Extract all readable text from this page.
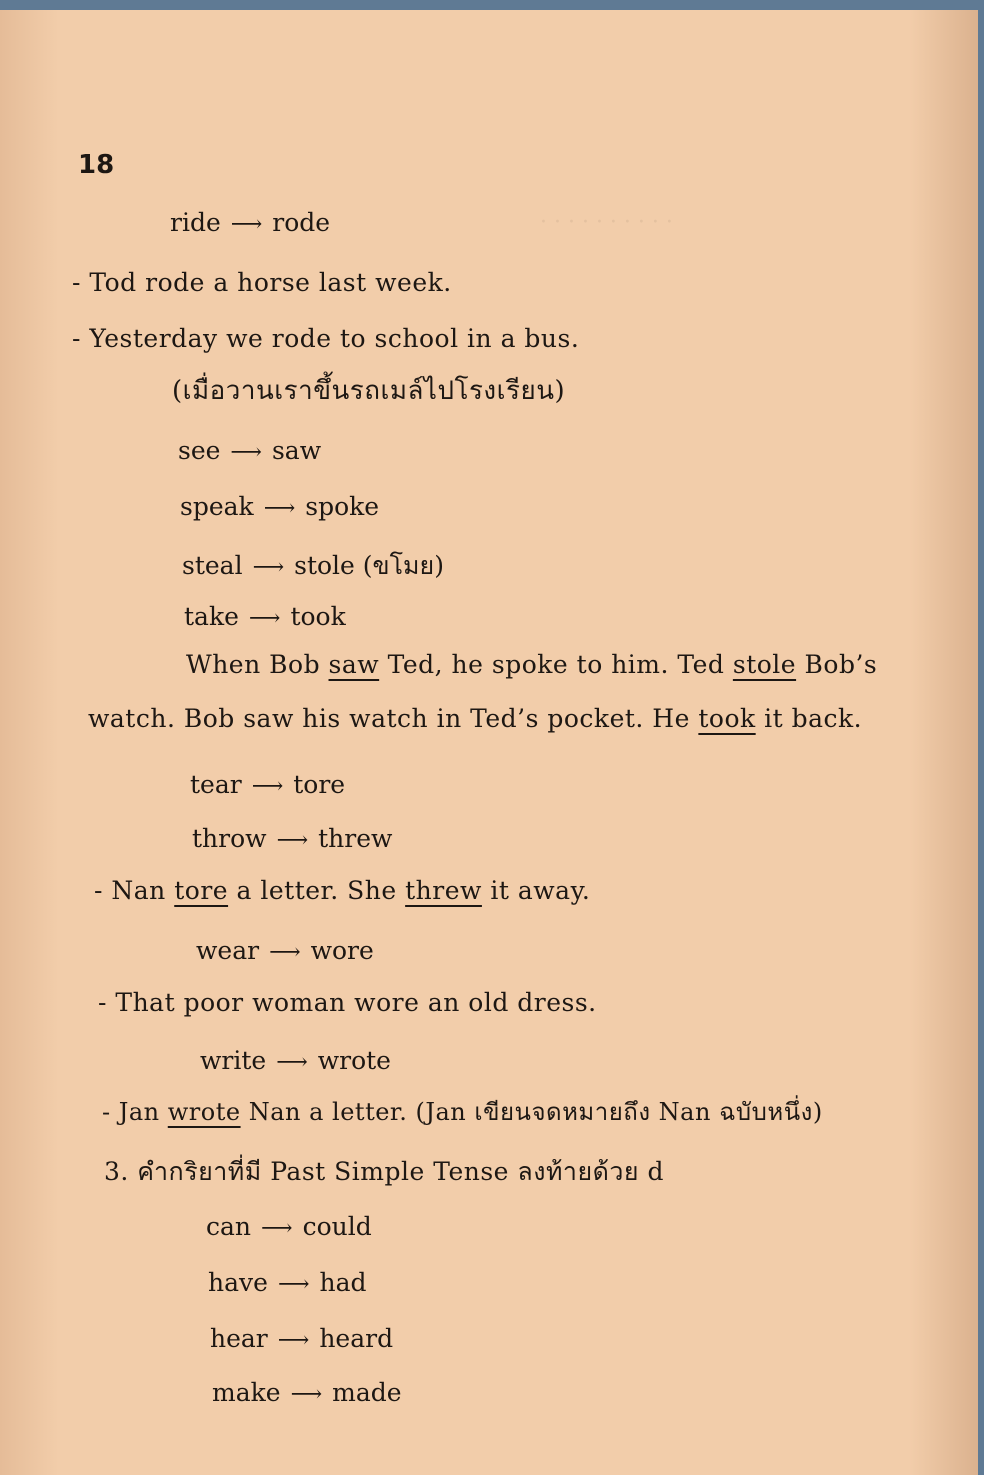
· · · · · · · · · ·
18
ride ⟶ rode
- Tod rode a horse last week.
- Yesterday we rode to school in a bus.
(เมื่อวานเราขึ้นรถเมล์ไปโรงเรียน)
see ⟶ saw
speak ⟶ spoke
steal ⟶ stole (ขโมย)
take ⟶ took
When Bob saw Ted, he spoke to him. Ted stole Bob’s
watch. Bob saw his watch in Ted’s pocket. He took it back.
tear ⟶ tore
throw ⟶ threw
- Nan tore a letter. She threw it away.
wear ⟶ wore
- That poor woman wore an old dress.
write ⟶ wrote
- Jan wrote Nan a letter. (Jan เขียนจดหมายถึง Nan ฉบับหนึ่ง)
3. คำกริยาที่มี Past Simple Tense ลงท้ายด้วย d
can ⟶ could
have ⟶ had
hear ⟶ heard
make ⟶ made
